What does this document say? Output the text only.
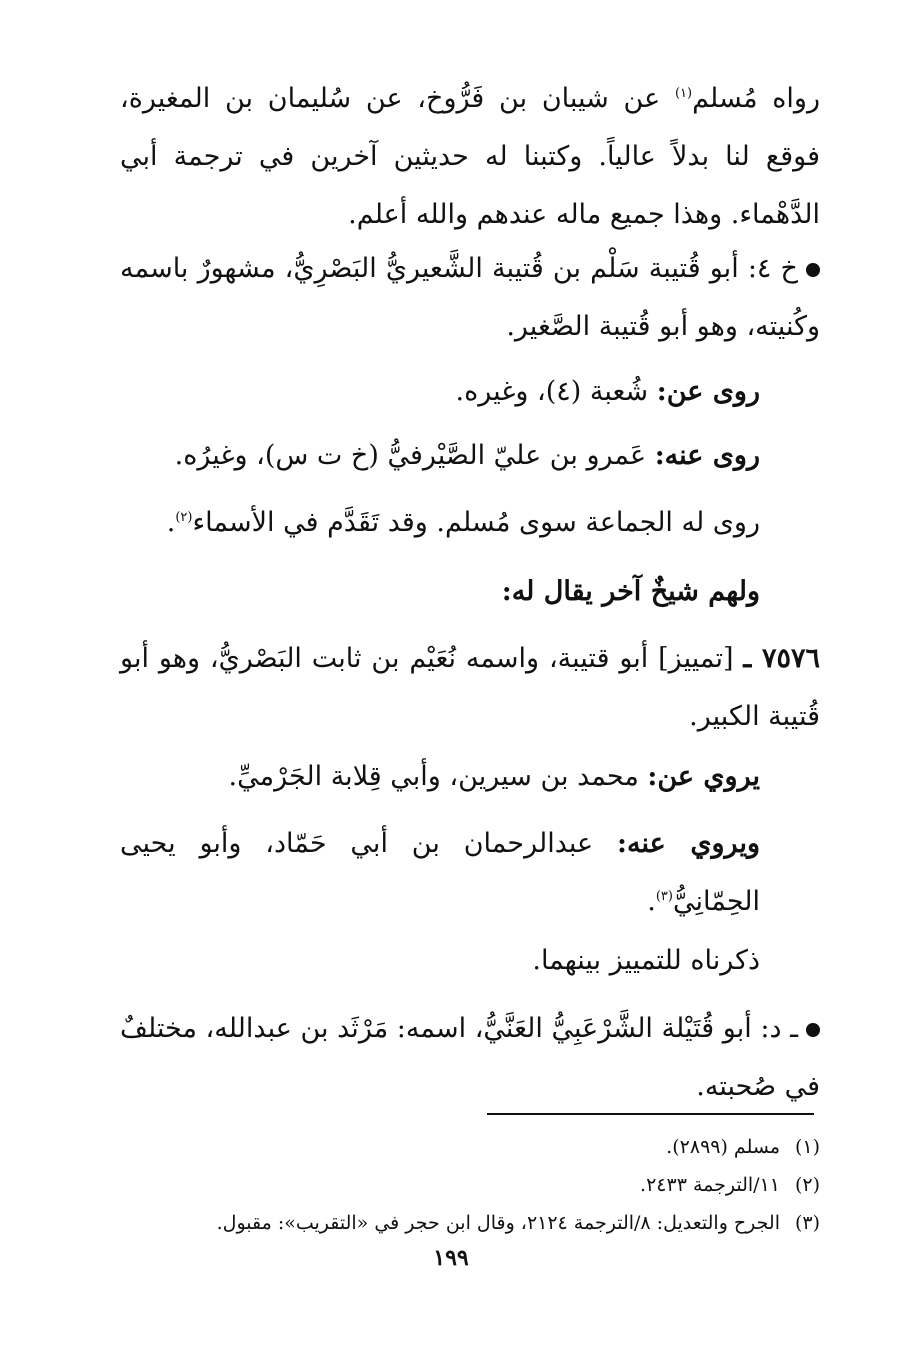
رواه مُسلم$^{(١)}$ عن شيبان بن فَرُّوخ، عن سُليمان بن المغيرة، فوقع لنا بدلاً عالياً. وكتبنا له حديثين آخرين في ترجمة أبي الدَّهْماء. وهذا جميع ماله عندهم والله أعلم.

خ ٤: أبو قُتيبة سَلْم بن قُتيبة الشَّعيريُّ البَصْرِيُّ، مشهورٌ باسمه وكُنيته، وهو أبو قُتيبة الصَّغير.

روى عن: شُعبة (٤)، وغيره.

روى عنه: عَمرو بن عليّ الصَّيْرفيُّ (خ ت س)، وغيرُه.

روى له الجماعة سوى مُسلم. وقد تَقَدَّم في الأسماء$^{(٢)}$.

ولهم شيخٌ آخر يقال له:

٧٥٧٦ ـ [تمييز] أبو قتيبة، واسمه نُعَيْم بن ثابت البَصْريُّ، وهو أبو قُتيبة الكبير.

يروي عن: محمد بن سيرين، وأبي قِلابة الجَرْميِّ.

ويروي عنه: عبدالرحمان بن أبي حَمّاد، وأبو يحيى الحِمّانِيُّ$^{(٣)}$.

ذكرناه للتمييز بينهما.

ـ د: أبو قُتَيْلة الشَّرْعَبِيُّ العَنَّيُّ، اسمه: مَرْثَد بن عبدالله، مختلفٌ في صُحبته.

(١)مسلم (٢٨٩٩).
(٢)١١/الترجمة ٢٤٣٣.
(٣)الجرح والتعديل: ٨/الترجمة ٢١٢٤، وقال ابن حجر في «التقريب»: مقبول.
١٩٩
